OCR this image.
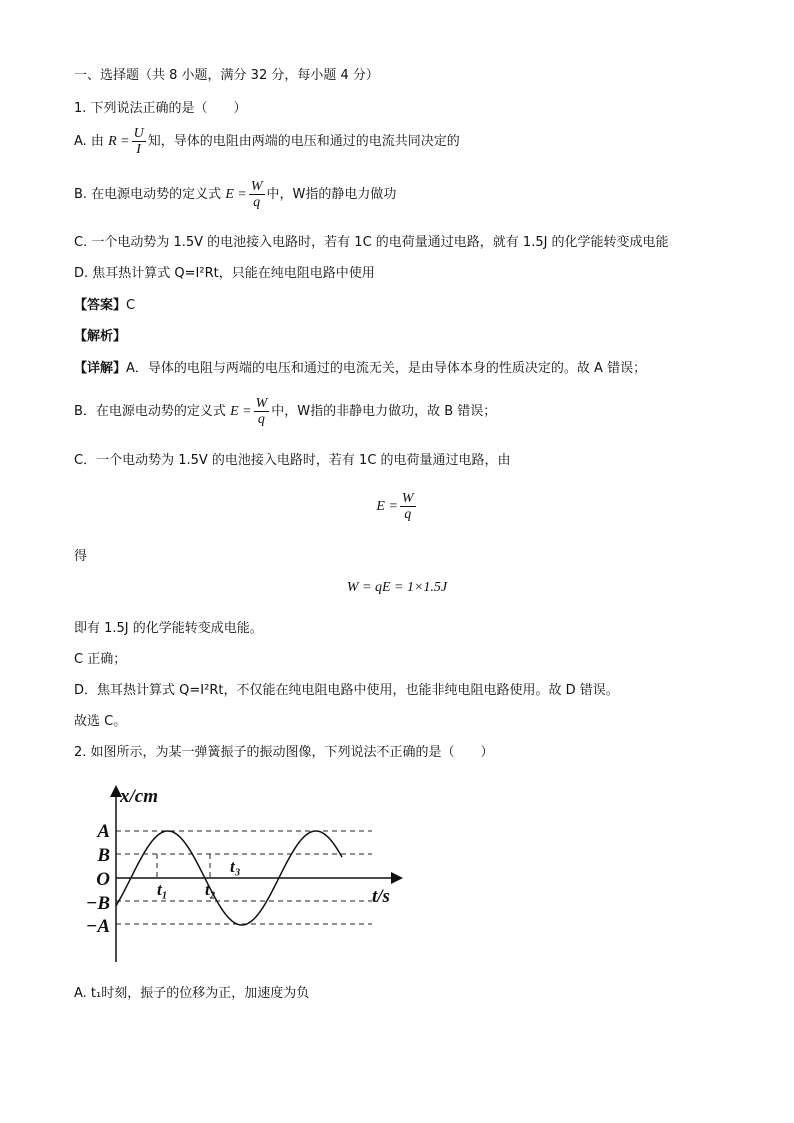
一、选择题（共 8 小题，满分 32 分，每小题 4 分）
1. 下列说法正确的是（　　）
A. 由 $R = \frac{U}{I}$ 知，导体的电阻由两端的电压和通过的电流共同决定的
B. 在电源电动势的定义式 $E = \frac{W}{q}$ 中，W指的静电力做功
C. 一个电动势为 1.5V 的电池接入电路时，若有 1C 的电荷量通过电路，就有 1.5J 的化学能转变成电能
D. 焦耳热计算式 Q=I²Rt，只能在纯电阻电路中使用
【答案】C
【解析】
【详解】A．导体的电阻与两端的电压和通过的电流无关，是由导体本身的性质决定的。故 A 错误；
B．在电源电动势的定义式 $E = \frac{W}{q}$ 中，W指的非静电力做功，故 B 错误；
C．一个电动势为 1.5V 的电池接入电路时，若有 1C 的电荷量通过电路，由
$E = \frac{W}{q}$
得
W = qE = 1×1.5J
即有 1.5J 的化学能转变成电能。
C 正确；
D．焦耳热计算式 Q=I²Rt，不仅能在纯电阻电路中使用，也能非纯电阻电路使用。故 D 错误。
故选 C。
2. 如图所示，为某一弹簧振子的振动图像，下列说法不正确的是（　　）
x/cm
t/s
A
B
O
−B
−A
t₁ t₂
t₃
A. t₁时刻，振子的位移为正，加速度为负
